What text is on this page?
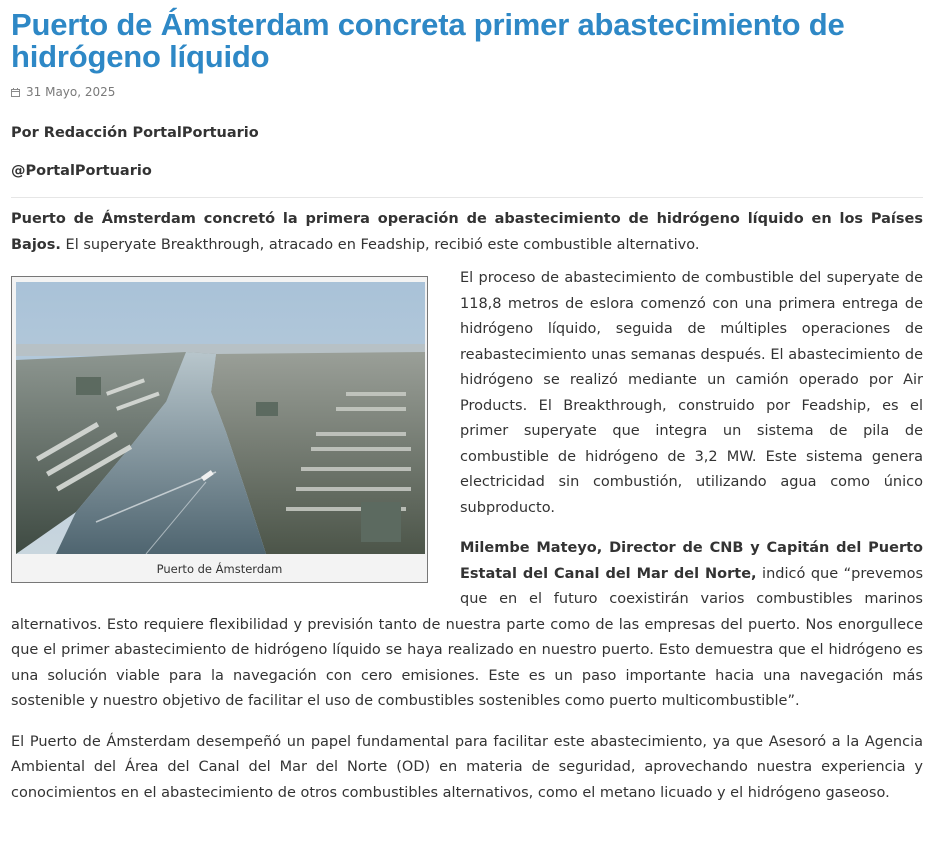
Puerto de Ámsterdam concreta primer abastecimiento de hidrógeno líquido
31 Mayo, 2025
Por Redacción PortalPortuario
@PortalPortuario

Puerto de Ámsterdam concretó la primera operación de abastecimiento de hidrógeno líquido en los Países Bajos. El superyate Breakthrough, atracado en Feadship, recibió este combustible alternativo.

Puerto de Ámsterdam

El proceso de abastecimiento de combustible del superyate de 118,8 metros de eslora comenzó con una primera entrega de hidrógeno líquido, seguida de múltiples operaciones de reabastecimiento unas semanas después. El abastecimiento de hidrógeno se realizó mediante un camión operado por Air Products. El Breakthrough, construido por Feadship, es el primer superyate que integra un sistema de pila de combustible de hidrógeno de 3,2 MW. Este sistema genera electricidad sin combustión, utilizando agua como único subproducto.

Milembe Mateyo, Director de CNB y Capitán del Puerto Estatal del Canal del Mar del Norte, indicó que “prevemos que en el futuro coexistirán varios combustibles marinos alternativos. Esto requiere flexibilidad y previsión tanto de nuestra parte como de las empresas del puerto. Nos enorgullece que el primer abastecimiento de hidrógeno líquido se haya realizado en nuestro puerto. Esto demuestra que el hidrógeno es una solución viable para la navegación con cero emisiones. Este es un paso importante hacia una navegación más sostenible y nuestro objetivo de facilitar el uso de combustibles sostenibles como puerto multicombustible”.

El Puerto de Ámsterdam desempeñó un papel fundamental para facilitar este abastecimiento, ya que Asesoró a la Agencia Ambiental del Área del Canal del Mar del Norte (OD) en materia de seguridad, aprovechando nuestra experiencia y conocimientos en el abastecimiento de otros combustibles alternativos, como el metano licuado y el hidrógeno gaseoso.
